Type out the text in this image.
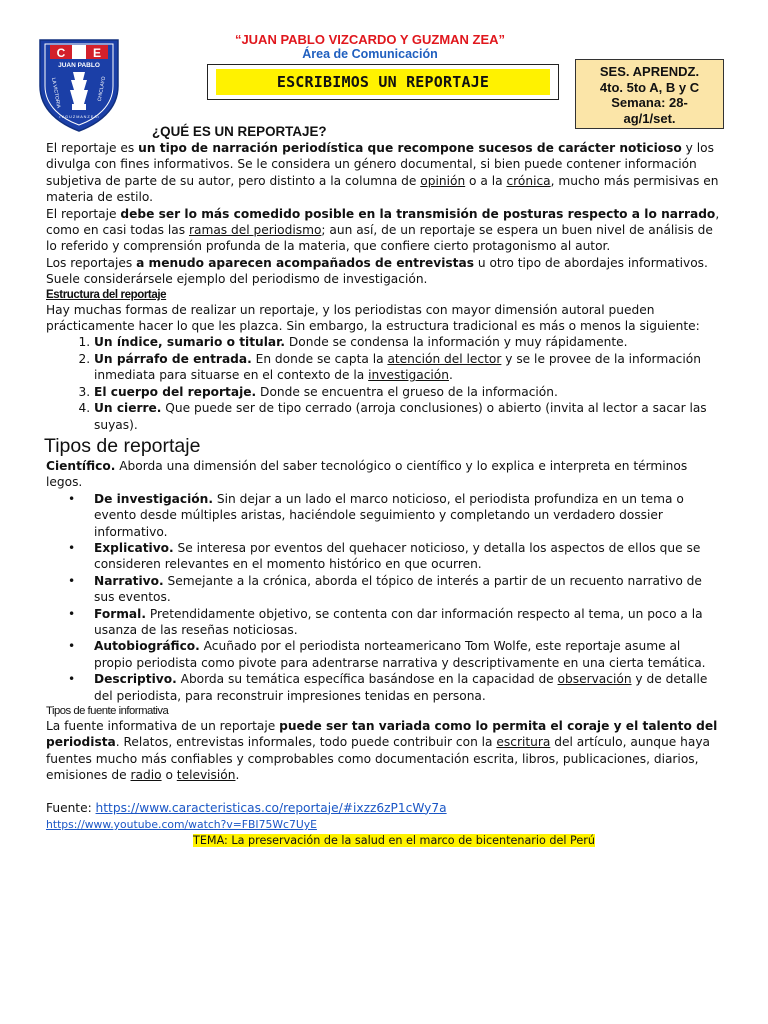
C E
JUAN PABLO
LA VICTORIA	CHICLAYO
• V G U Z M A N Z E A •
“JUAN PABLO VIZCARDO Y GUZMAN ZEA”
Área de Comunicación
ESCRIBIMOS UN REPORTAJE
SES. APRENDZ.
4to. 5to A, B y C
Semana: 28-
ag/1/set.
¿QUÉ ES UN REPORTAJE?

El reportaje es un tipo de narración periodística que recompone sucesos de carácter noticioso y los divulga con fines informativos. Se le considera un género documental, si bien puede contener información subjetiva de parte de su autor, pero distinto a la columna de opinión o a la crónica, mucho más permisivas en materia de estilo.

El reportaje debe ser lo más comedido posible en la transmisión de posturas respecto a lo narrado, como en casi todas las ramas del periodismo; aun así, de un reportaje se espera un buen nivel de análisis de lo referido y comprensión profunda de la materia, que confiere cierto protagonismo al autor.

Los reportajes a menudo aparecen acompañados de entrevistas u otro tipo de abordajes informativos. Suele considerársele ejemplo del periodismo de investigación.

Estructura del reportaje

Hay muchas formas de realizar un reportaje, y los periodistas con mayor dimensión autoral pueden prácticamente hacer lo que les plazca. Sin embargo, la estructura tradicional es más o menos la siguiente:

1. Un índice, sumario o titular. Donde se condensa la información y muy rápidamente.
2. Un párrafo de entrada. En donde se capta la atención del lector y se le provee de la información inmediata para situarse en el contexto de la investigación.
3. El cuerpo del reportaje. Donde se encuentra el grueso de la información.
4. Un cierre. Que puede ser de tipo cerrado (arroja conclusiones) o abierto (invita al lector a sacar las suyas).
Tipos de reportaje

Científico. Aborda una dimensión del saber tecnológico o científico y lo explica e interpreta en términos legos.

• De investigación. Sin dejar a un lado el marco noticioso, el periodista profundiza en un tema o evento desde múltiples aristas, haciéndole seguimiento y completando un verdadero dossier informativo.
• Explicativo. Se interesa por eventos del quehacer noticioso, y detalla los aspectos de ellos que se consideren relevantes en el momento histórico en que ocurren.
• Narrativo. Semejante a la crónica, aborda el tópico de interés a partir de un recuento narrativo de sus eventos.
• Formal. Pretendidamente objetivo, se contenta con dar información respecto al tema, un poco a la usanza de las reseñas noticiosas.
• Autobiográfico. Acuñado por el periodista norteamericano Tom Wolfe, este reportaje asume al propio periodista como pivote para adentrarse narrativa y descriptivamente en una cierta temática.
• Descriptivo. Aborda su temática específica basándose en la capacidad de observación y de detalle del periodista, para reconstruir impresiones tenidas en persona.
Tipos de fuente informativa

La fuente informativa de un reportaje puede ser tan variada como lo permita el coraje y el talento del periodista. Relatos, entrevistas informales, todo puede contribuir con la escritura del artículo, aunque haya fuentes mucho más confiables y comprobables como documentación escrita, libros, publicaciones, diarios, emisiones de radio o televisión.

Fuente: https://www.caracteristicas.co/reportaje/#ixzz6zP1cWy7a

https://www.youtube.com/watch?v=FBI75Wc7UyE

TEMA: La preservación de la salud en el marco de bicentenario del Perú
